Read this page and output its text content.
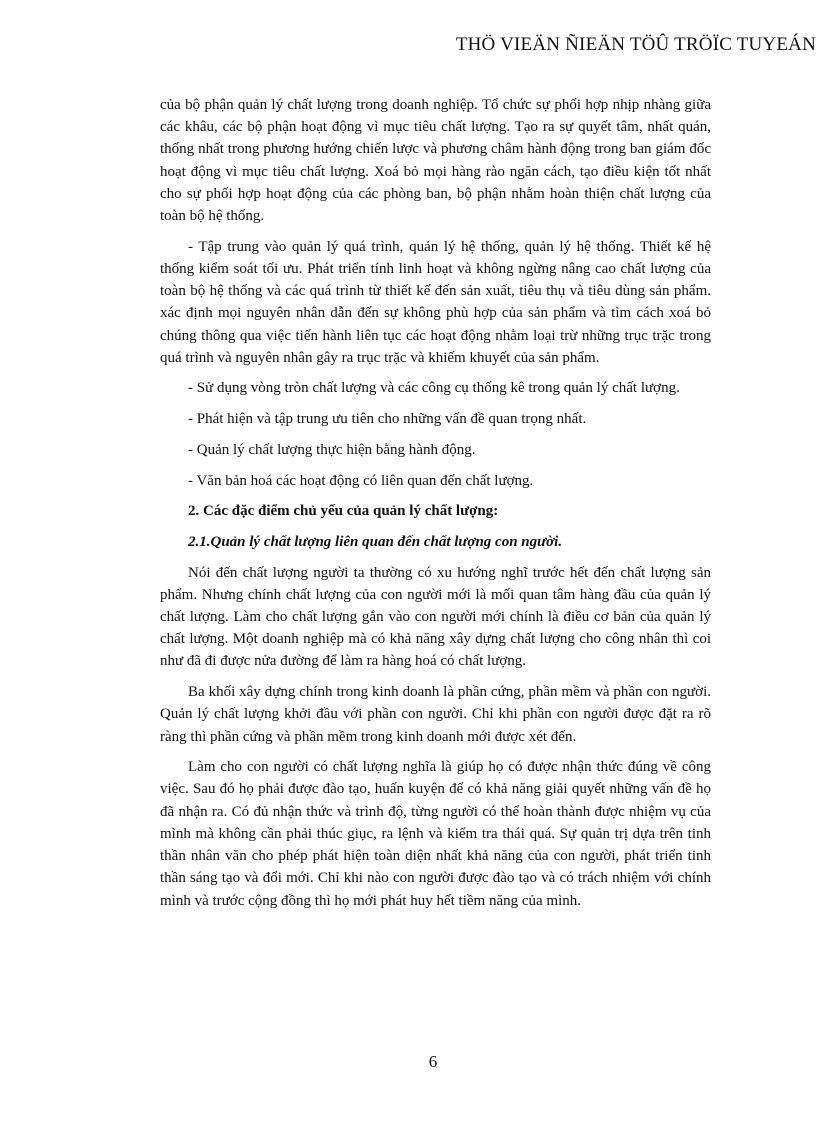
THÖ VIEÄN ÑIEÄN TÖÛ TRÖÏC TUYEÁN

của bộ phận quản lý chất lượng trong doanh nghiệp. Tổ chức sự phối hợp nhịp nhàng giữa các khâu, các bộ phận hoạt động vì mục tiêu chất lượng. Tạo ra sự quyết tâm, nhất quán, thống nhất trong phương hướng chiến lược và phương châm hành động trong ban giám đốc hoạt động vì mục tiêu chất lượng. Xoá bỏ mọi hàng rào ngăn cách, tạo điều kiện tốt nhất cho sự phối hợp hoạt động của các phòng ban, bộ phận nhằm hoàn thiện chất lượng của toàn bộ hệ thống.

- Tập trung vào quản lý quá trình, quản lý hệ thống, quản lý hệ thống. Thiết kế hệ thống kiểm soát tối ưu. Phát triển tính linh hoạt và không ngừng nâng cao chất lượng của toàn bộ hệ thống và các quá trình từ thiết kế đến sản xuất, tiêu thụ và tiêu dùng sản phẩm. xác định mọi nguyên nhân dẫn đến sự không phù hợp của sản phẩm và tìm cách xoá bỏ chúng thông qua việc tiến hành liên tục các hoạt động nhằm loại trừ những trục trặc trong quá trình và nguyên nhân gây ra trục trặc và khiếm khuyết của sản phẩm.

- Sử dụng vòng tròn chất lượng và các công cụ thống kê trong quản lý chất lượng.

- Phát hiện và tập trung ưu tiên cho những vấn đề quan trọng nhất.

- Quản lý chất lượng thực hiện bằng hành động.

- Văn bản hoá các hoạt động có liên quan đến chất lượng.

2. Các đặc điểm chủ yếu của quản lý chất lượng:

2.1.Quản lý chất lượng liên quan đến chất lượng con người.

Nói đến chất lượng người ta thường có xu hướng nghĩ trước hết đến chất lượng sản phẩm. Nhưng chính chất lượng của con người mới là mối quan tâm hàng đầu của quản lý chất lượng. Làm cho chất lượng gắn vào con người mới chính là điều cơ bản của quản lý chất lượng. Một doanh nghiệp mà có khả năng xây dựng chất lượng cho công nhân thì coi như đã đi được nửa đường để làm ra hàng hoá có chất lượng.

Ba khối xây dựng chính trong kinh doanh là phần cứng, phần mềm và phần con người. Quản lý chất lượng khởi đầu với phần con người. Chỉ khi phần con người được đặt ra rõ ràng thì phần cứng và phần mềm trong kinh doanh mới được xét đến.

Làm cho con người có chất lượng nghĩa là giúp họ có được nhận thức đúng về công việc. Sau đó họ phải được đào tạo, huấn kuyện để có khả năng giải quyết những vấn đề họ đã nhận ra. Có đủ nhận thức và trình độ, từng người có thể hoàn thành được nhiệm vụ của mình mà không cần phải thúc giục, ra lệnh và kiểm tra thái quá. Sự quản trị dựa trên tinh thần nhân văn cho phép phát hiện toàn diện nhất khả năng của con người, phát triển tinh thần sáng tạo và đổi mới. Chỉ khi nào con người được đào tạo và có trách nhiệm với chính mình và trước cộng đồng thì họ mới phát huy hết tiềm năng của mình.

6
